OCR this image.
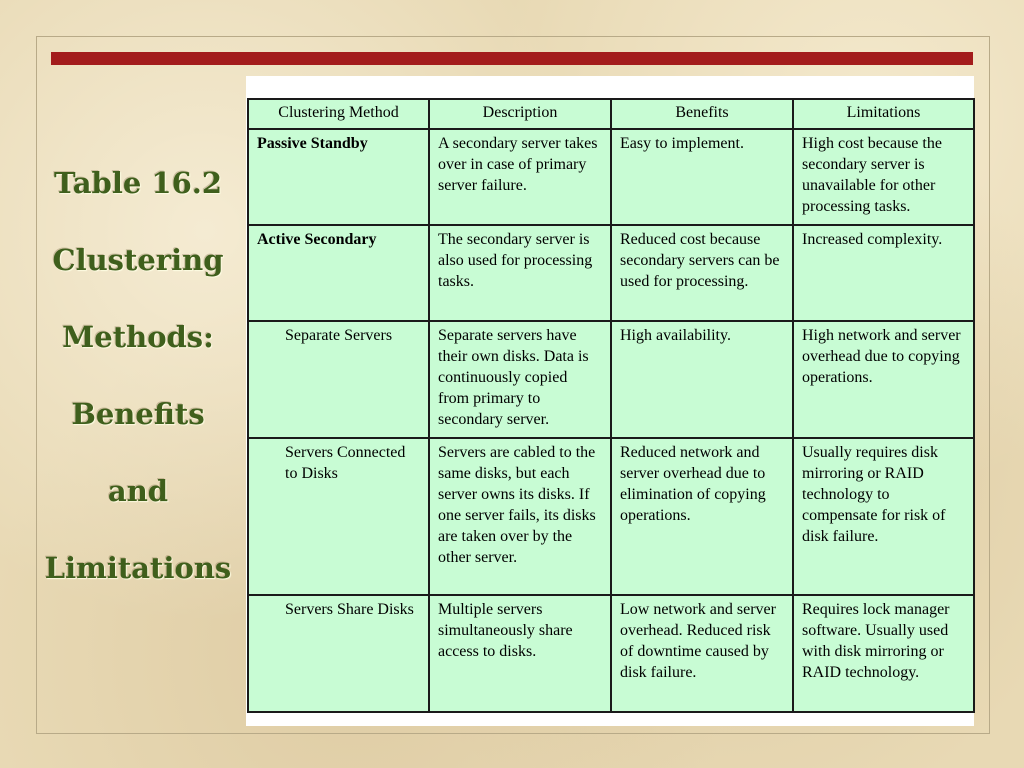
Table 16.2
Clustering
Methods:
Benefits
and
Limitations
Clustering Method	Description	Benefits	Limitations
Passive Standby	A secondary server takes over in case of primary server failure.	Easy to implement.	High cost because the secondary server is unavailable for other processing tasks.
Active Secondary	The secondary server is also used for processing tasks.	Reduced cost because secondary servers can be used for processing.	Increased complexity.
Separate Servers	Separate servers have their own disks. Data is continuously copied from primary to secondary server.	High availability.	High network and server overhead due to copying operations.
Servers Connected to Disks	Servers are cabled to the same disks, but each server owns its disks. If one server fails, its disks are taken over by the other server.	Reduced network and server overhead due to elimination of copying operations.	Usually requires disk mirroring or RAID technology to compensate for risk of disk failure.
Servers Share Disks	Multiple servers simultaneously share access to disks.	Low network and server overhead. Reduced risk of downtime caused by disk failure.	Requires lock manager software. Usually used with disk mirroring or RAID technology.
